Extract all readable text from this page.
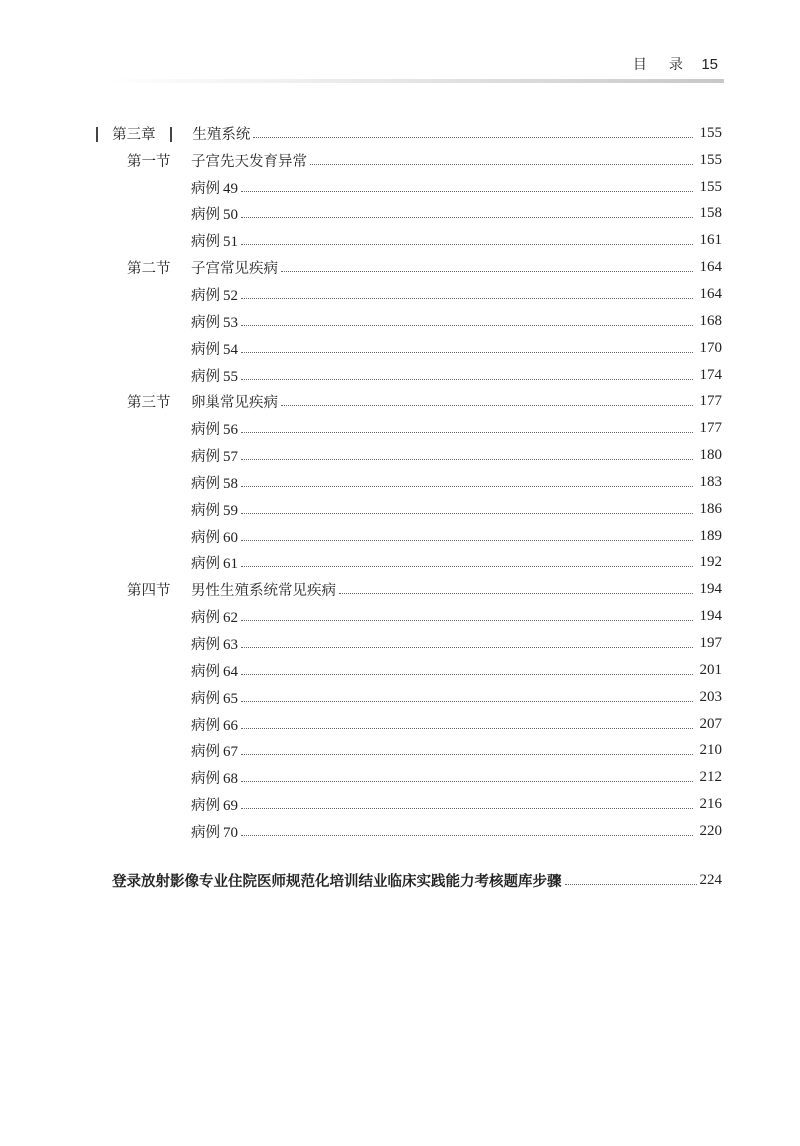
目录 15
第三章	生殖系统	155
第一节 子宫先天发育异常	155
病例 49	155
病例 50	158
病例 51	161
第二节 子宫常见疾病	164
病例 52	164
病例 53	168
病例 54	170
病例 55	174
第三节 卵巢常见疾病	177
病例 56	177
病例 57	180
病例 58	183
病例 59	186
病例 60	189
病例 61	192
第四节 男性生殖系统常见疾病	194
病例 62	194
病例 63	197
病例 64	201
病例 65	203
病例 66	207
病例 67	210
病例 68	212
病例 69	216
病例 70	220
登录放射影像专业住院医师规范化培训结业临床实践能力考核题库步骤	224
